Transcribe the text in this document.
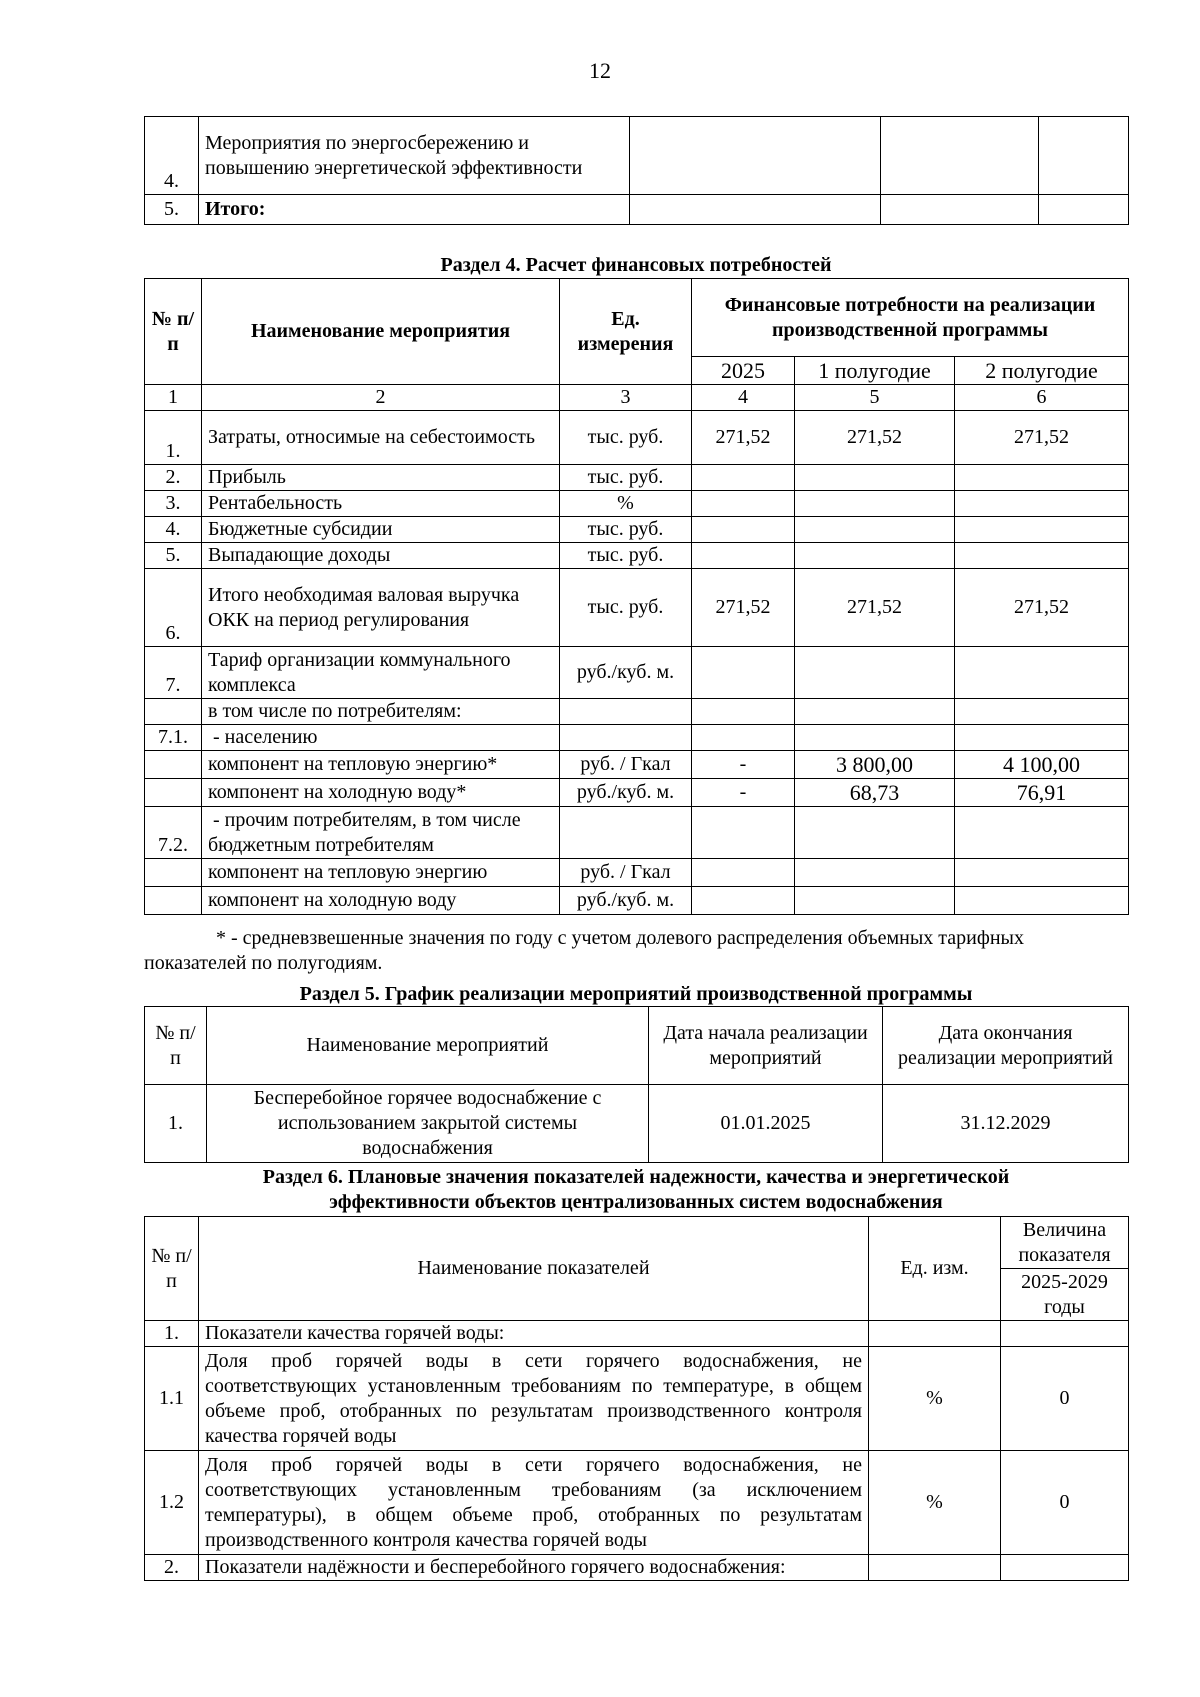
12
4.	Мероприятия по энергосбережению и повышению энергетической эффективности			
5.	Итого:			
Раздел 4. Расчет финансовых потребностей
№ п/п	Наименование мероприятия	Ед. измерения	Финансовые потребности на реализации производственной программы		
			2025	1 полугодие	2 полугодие
1	2	3	4	5	6
1.	Затраты, относимые на себестоимость	тыс. руб.	271,52	271,52	271,52
2.	Прибыль	тыс. руб.			
3.	Рентабельность	%			
4.	Бюджетные субсидии	тыс. руб.			
5.	Выпадающие доходы	тыс. руб.			
6.	Итого необходимая валовая выручка ОКК на период регулирования	тыс. руб.	271,52	271,52	271,52
7.	Тариф организации коммунального комплекса	руб./куб. м.			
	в том числе по потребителям:				
7.1.	- населению				
	компонент на тепловую энергию*	руб. / Гкал	-	3 800,00	4 100,00
	компонент на холодную воду*	руб./куб. м.	-	68,73	76,91
7.2.	- прочим потребителям, в том числе бюджетным потребителям				
	компонент на тепловую энергию	руб. / Гкал			
	компонент на холодную воду	руб./куб. м.			
* - средневзвешенные значения по году с учетом долевого распределения объемных тарифных
показателей по полугодиям.
Раздел 5. График реализации мероприятий производственной программы
№ п/п	Наименование мероприятий	Дата начала реализации мероприятий	Дата окончания реализации мероприятий
1.	Бесперебойное горячее водоснабжение с использованием закрытой системы водоснабжения	01.01.2025	31.12.2029
Раздел 6. Плановые значения показателей надежности, качества и энергетической
эффективности объектов централизованных систем водоснабжения
№ п/п	Наименование показателей	Ед. изм.	Величина показателя
			2025-2029 годы
1.	Показатели качества горячей воды:		
1.1	Доля проб горячей воды в сети горячего водоснабжения, не соответствующих установленным требованиям по температуре, в общем объеме проб, отобранных по результатам производственного контроля качества горячей воды	%	0
1.2	Доля проб горячей воды в сети горячего водоснабжения, не соответствующих установленным требованиям (за исключением температуры), в общем объеме проб, отобранных по результатам производственного контроля качества горячей воды	%	0
2.	Показатели надёжности и бесперебойного горячего водоснабжения:		
